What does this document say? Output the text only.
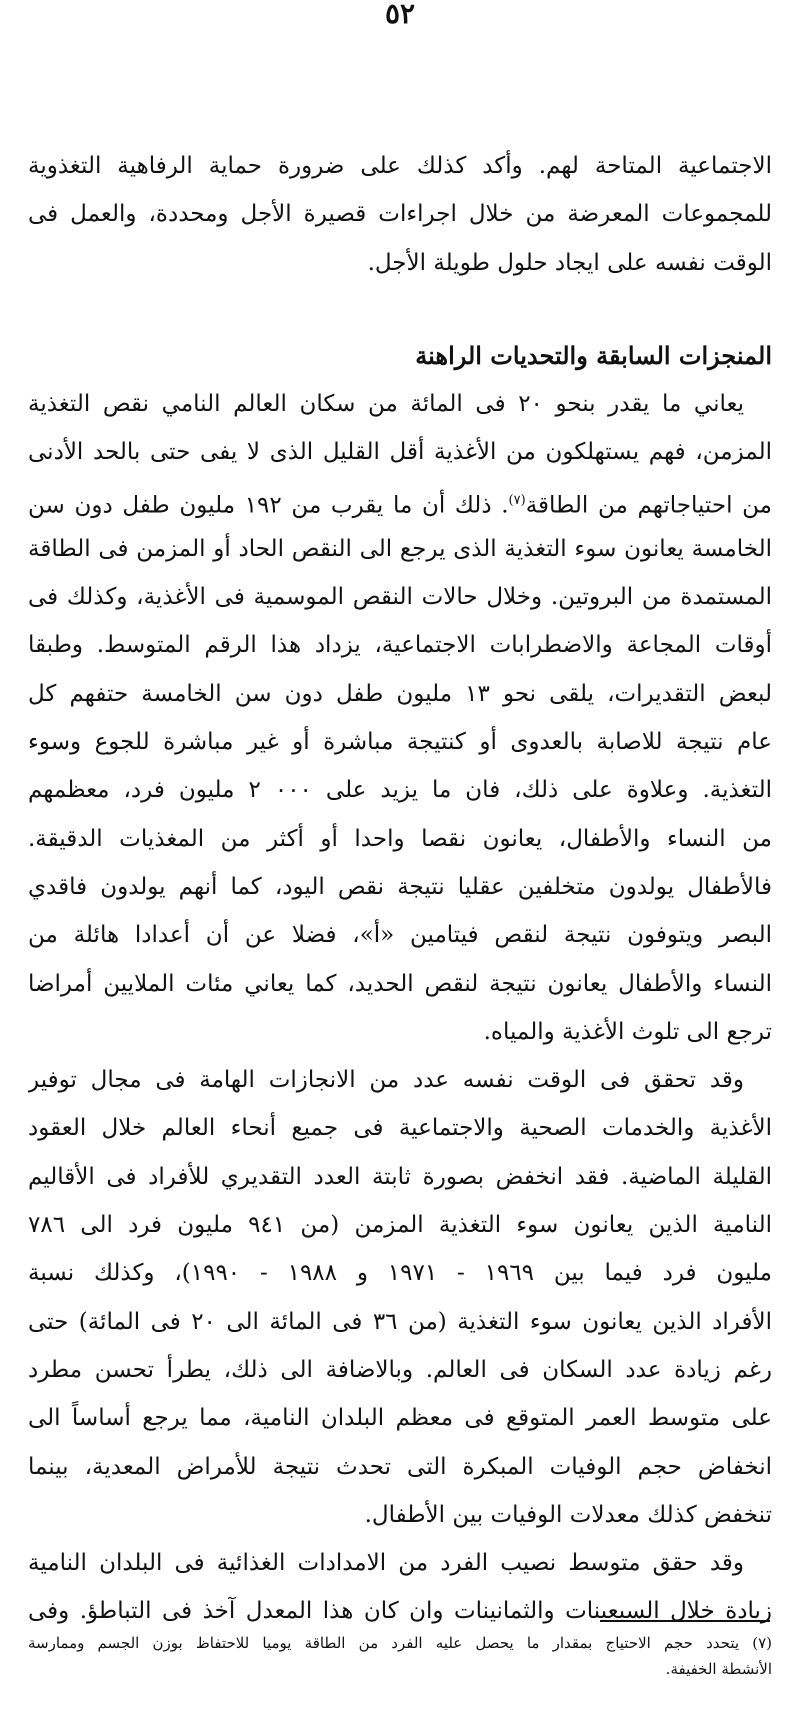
٥٢
الاجتماعية المتاحة لهم. وأكد كذلك على ضرورة حماية الرفاهية التغذوية
للمجموعات المعرضة من خلال اجراءات قصيرة الأجل ومحددة، والعمل فى
الوقت نفسه على ايجاد حلول طويلة الأجل.
المنجزات السابقة والتحديات الراهنة
يعاني ما يقدر بنحو ٢٠ فى المائة من سكان العالم النامي نقص التغذية
المزمن، فهم يستهلكون من الأغذية أقل القليل الذى لا يفى حتى بالحد الأدنى
من احتياجاتهم من الطاقة$^{(٧)}$. ذلك أن ما يقرب من ١٩٢ مليون طفل دون سن
الخامسة يعانون سوء التغذية الذى يرجع الى النقص الحاد أو المزمن فى الطاقة
المستمدة من البروتين. وخلال حالات النقص الموسمية فى الأغذية، وكذلك فى
أوقات المجاعة والاضطرابات الاجتماعية، يزداد هذا الرقم المتوسط. وطبقا
لبعض التقديرات، يلقى نحو ١٣ مليون طفل دون سن الخامسة حتفهم كل
عام نتيجة للاصابة بالعدوى أو كنتيجة مباشرة أو غير مباشرة للجوع وسوء
التغذية. وعلاوة على ذلك، فان ما يزيد على ٠٠٠ ٢ مليون فرد، معظمهم
من النساء والأطفال، يعانون نقصا واحدا أو أكثر من المغذيات الدقيقة.
فالأطفال يولدون متخلفين عقليا نتيجة نقص اليود، كما أنهم يولدون فاقدي
البصر ويتوفون نتيجة لنقص فيتامين «أ»، فضلا عن أن أعدادا هائلة من
النساء والأطفال يعانون نتيجة لنقص الحديد، كما يعاني مئات الملايين أمراضا
ترجع الى تلوث الأغذية والمياه.
وقد تحقق فى الوقت نفسه عدد من الانجازات الهامة فى مجال توفير
الأغذية والخدمات الصحية والاجتماعية فى جميع أنحاء العالم خلال العقود
القليلة الماضية. فقد انخفض بصورة ثابتة العدد التقديري للأفراد فى الأقاليم
النامية الذين يعانون سوء التغذية المزمن (من ٩٤١ مليون فرد الى ٧٨٦
مليون فرد فيما بين ١٩٦٩ - ١٩٧١ و ١٩٨٨ - ١٩٩٠)، وكذلك نسبة
الأفراد الذين يعانون سوء التغذية (من ٣٦ فى المائة الى ٢٠ فى المائة) حتى
رغم زيادة عدد السكان فى العالم. وبالاضافة الى ذلك، يطرأ تحسن مطرد
على متوسط العمر المتوقع فى معظم البلدان النامية، مما يرجع أساساً الى
انخفاض حجم الوفيات المبكرة التى تحدث نتيجة للأمراض المعدية، بينما
تنخفض كذلك معدلات الوفيات بين الأطفال.
وقد حقق متوسط نصيب الفرد من الامدادات الغذائية فى البلدان النامية
زيادة خلال السبعينات والثمانينات وان كان هذا المعدل آخذ فى التباطؤ. وفى
(٧) يتحدد حجم الاحتياج بمقدار ما يحصل عليه الفرد من الطاقة يوميا للاحتفاظ بوزن الجسم وممارسة
الأنشطة الخفيفة.
